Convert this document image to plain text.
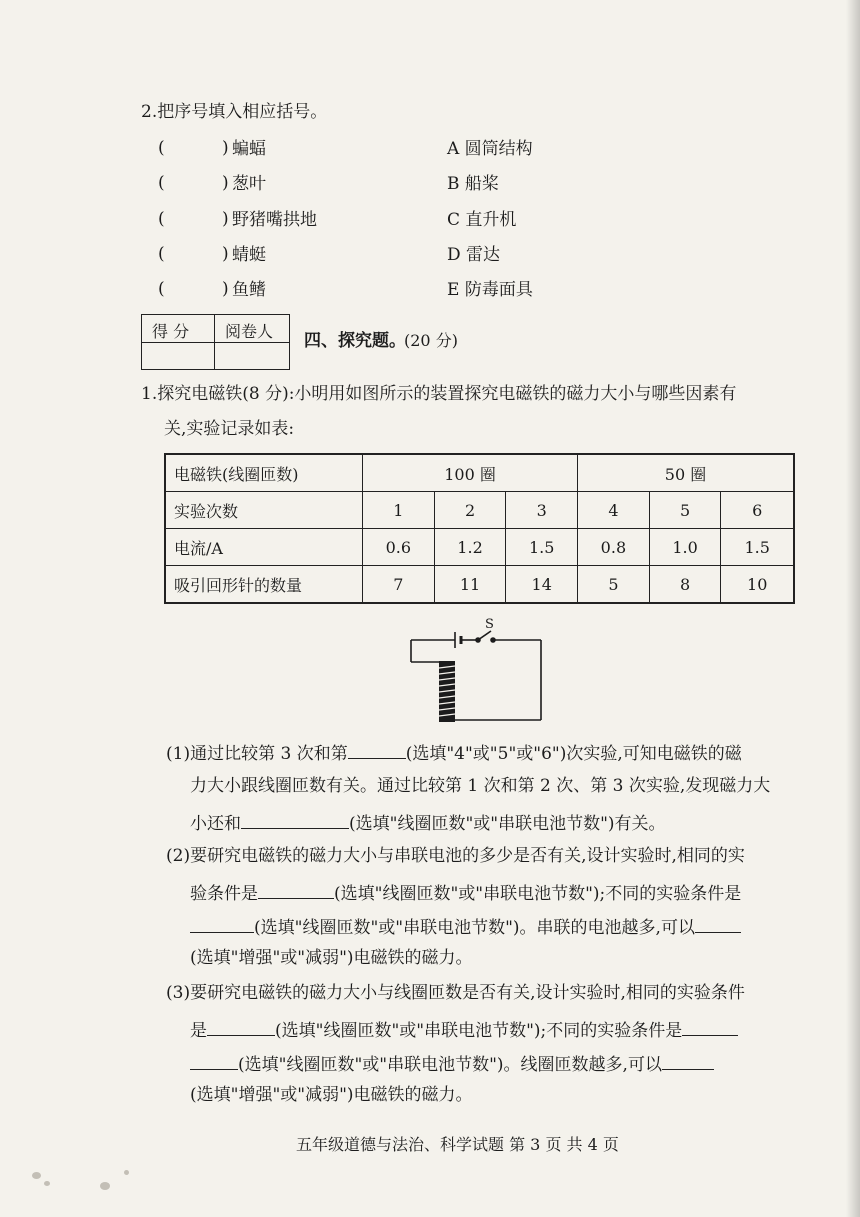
2.把序号填入相应括号。
(	) 蝙蝠	A 圆筒结构
(	) 葱叶	B 船桨
(	) 野猪嘴拱地	C 直升机
(	) 蜻蜓	D 雷达
(	) 鱼鳍	E 防毒面具
得 分 阅卷人 四、探究题。
(20 分)
1.探究电磁铁(8 分):小明用如图所示的装置探究电磁铁的磁力大小与哪些因素有
关,实验记录如表:
电磁铁(线圈匝数)	100 圈			50 圈		
实验次数	1	2	3	4	5	6
电流/A	0.6	1.2	1.5	0.8	1.0	1.5
吸引回形针的数量	7	11	14	5	8	10
S
(1)通过比较第 3 次和第	(选填"4"或"5"或"6")次实验,可知电磁铁的磁
力大小跟线圈匝数有关。通过比较第 1 次和第 2 次、第 3 次实验,发现磁力大
小还和	(选填"线圈匝数"或"串联电池节数")有关。
(2)要研究电磁铁的磁力大小与串联电池的多少是否有关,设计实验时,相同的实
验条件是	(选填"线圈匝数"或"串联电池节数");不同的实验条件是
(选填"线圈匝数"或"串联电池节数")。串联的电池越多,可以
(选填"增强"或"减弱")电磁铁的磁力。
(3)要研究电磁铁的磁力大小与线圈匝数是否有关,设计实验时,相同的实验条件
是	(选填"线圈匝数"或"串联电池节数");不同的实验条件是
(选填"线圈匝数"或"串联电池节数")。线圈匝数越多,可以
(选填"增强"或"减弱")电磁铁的磁力。
五年级道德与法治、科学试题 第 3 页 共 4 页
